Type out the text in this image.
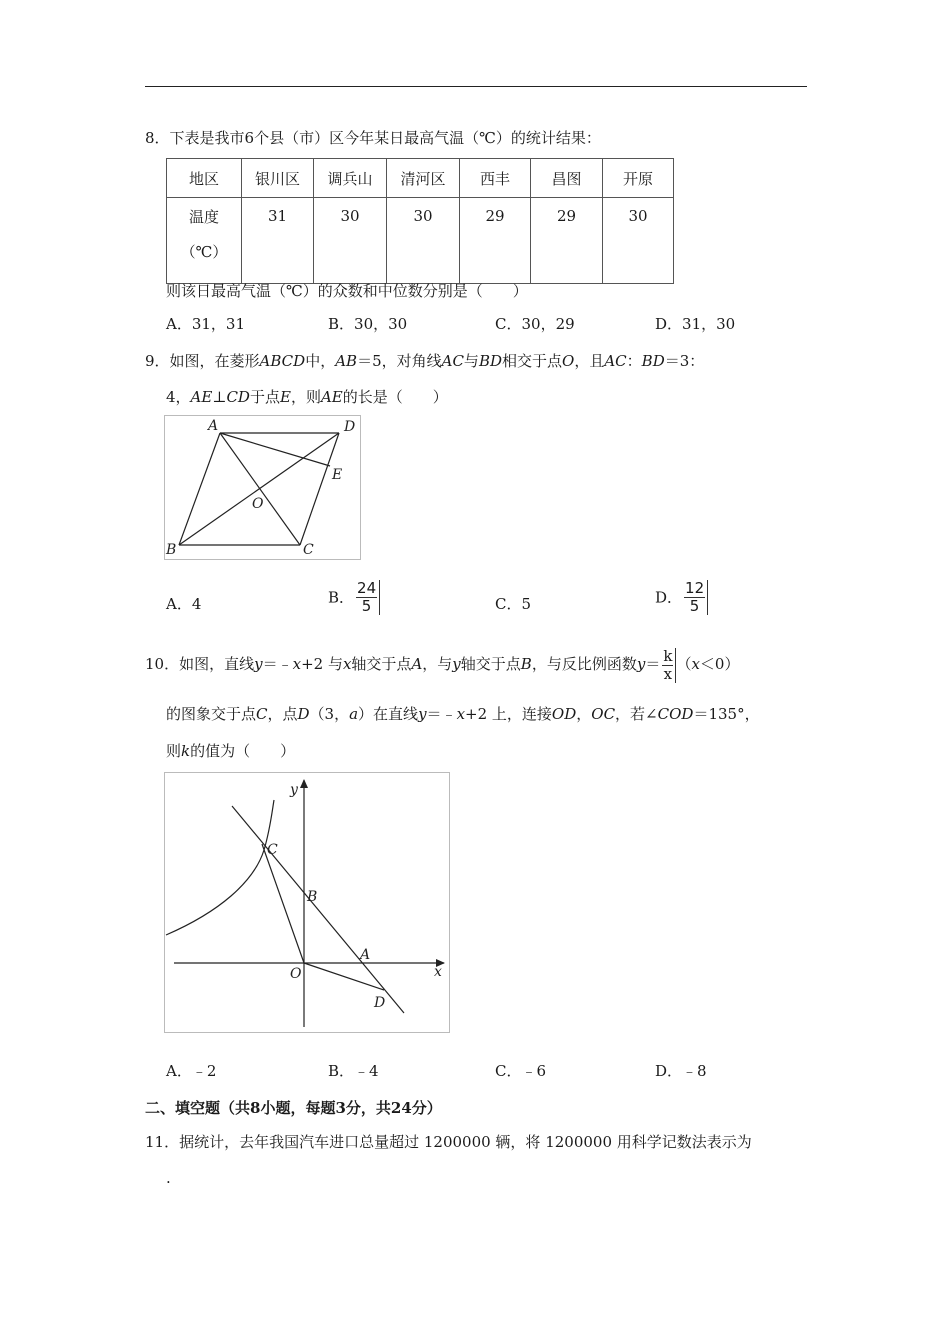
8．下表是我市6个县（市）区今年某日最高气温（℃）的统计结果：
地区	银川区	调兵山	清河区	西丰	昌图	开原

温度
（℃）	31	30	30	29	29	30
则该日最高气温（℃）的众数和中位数分别是（　　）
A．31，31	B．30，30	C．30，29	D．31，30
9．如图，在菱形ABCD中，AB＝5，对角线AC与BD相交于点O，且AC：BD＝3：
4，AE⊥CD于点E，则AE的长是（　　）
A	D
E
O
B	C
A．4	B． $\frac{24}{5}$	C．5	D． $\frac{12}{5}$
10．如图，直线y＝﹣x+2 与x轴交于点A，与y轴交于点B，与反比例函数$y= \frac{k}{x} (x<0)$
的图象交于点C，点D（3，a）在直线y＝﹣x+2 上，连接OD，OC，若∠COD＝135°，
则k的值为（　　）
y
x
C
B
A
O
D
A．﹣2	B．﹣4	C．﹣6	D．﹣8
二、填空题（共8小题，每题3分，共24分）
11．据统计，去年我国汽车进口总量超过 1200000 辆，将 1200000 用科学记数法表示为
.
